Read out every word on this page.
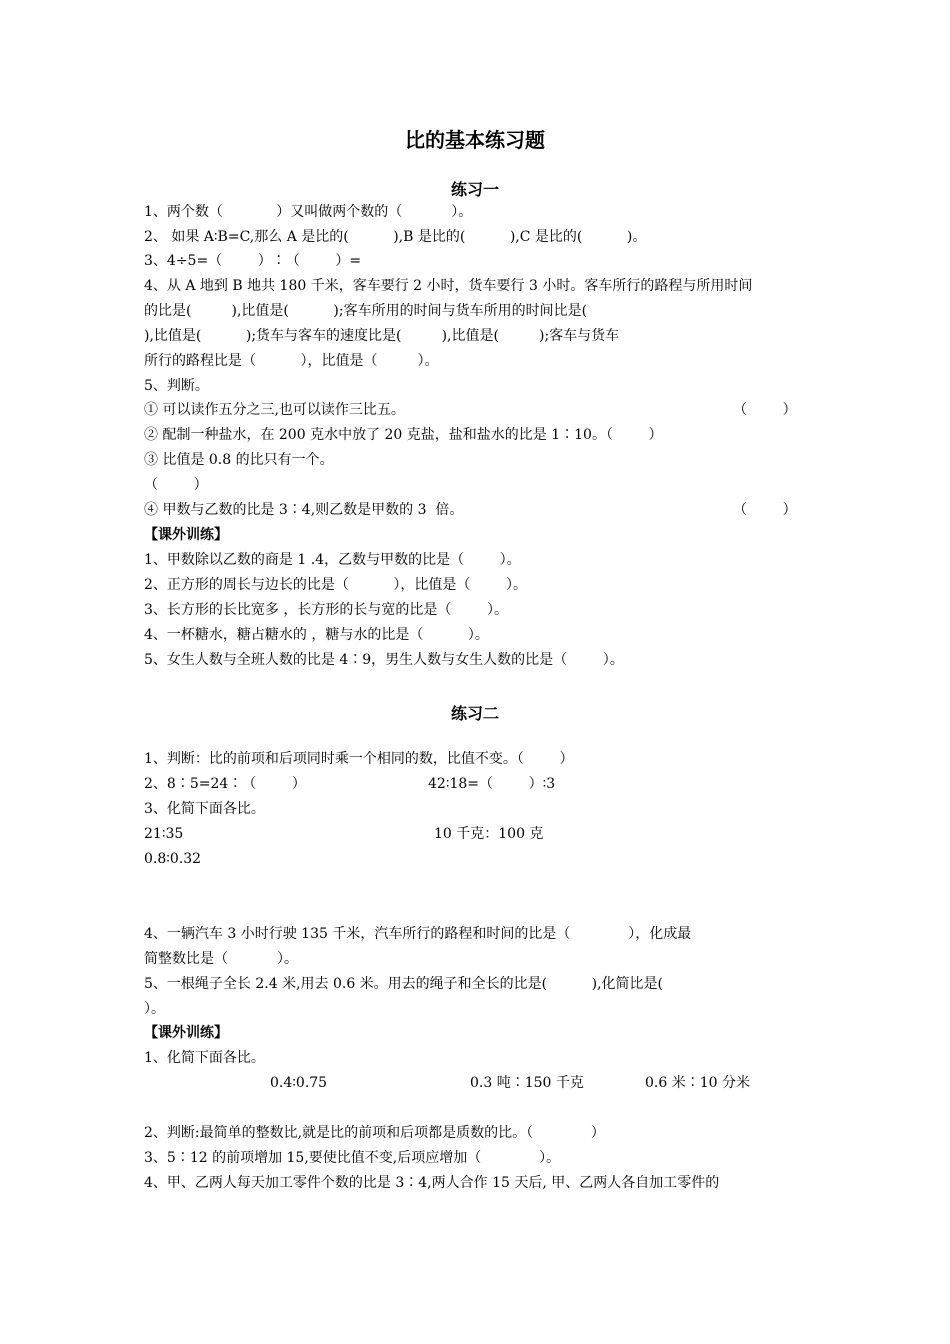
比的基本练习题
练习一
1、两个数（            ）又叫做两个数的（           ）。
2、 如果 A∶B=C,那么 A 是比的(          ),B 是比的(          ),C 是比的(          )。
3、4÷5=（        ）∶（        ）=
4、从 A 地到 B 地共 180 千米，客车要行 2 小时，货车要行 3 小时。客车所行的路程与所用时间
的比是(         ),比值是(          );客车所用的时间与货车所用的时间比是(
),比值是(          );货车与客车的速度比是(         ),比值是(         );客车与货车
所行的路程比是（          ），比值是（         ）。
5、判断。
① 可以读作五分之三,也可以读作三比五。	（        ）
② 配制一种盐水，在 200 克水中放了 20 克盐，盐和盐水的比是 1∶10。（        ）
③ 比值是 0.8 的比只有一个。
（        ）
④ 甲数与乙数的比是 3∶4,则乙数是甲数的 3  倍。	（        ）
【课外训练】
1、甲数除以乙数的商是 1 .4，乙数与甲数的比是（        ）。
2、正方形的周长与边长的比是（          ），比值是（        ）。
3、长方形的长比宽多 ，长方形的长与宽的比是（        ）。
4、一杯糖水，糖占糖水的 ，糖与水的比是（          ）。
5、女生人数与全班人数的比是 4∶9，男生人数与女生人数的比是（        ）。
练习二
1、判断：比的前项和后项同时乘一个相同的数，比值不变。（        ）
2、8∶5=24∶（        ）	42∶18=（        ）∶3
3、化简下面各比。
21∶35	10 千克：100 克
0.8∶0.32
4、一辆汽车 3 小时行驶 135 千米，汽车所行的路程和时间的比是（             ），化成最
简整数比是（           ）。
5、一根绳子全长 2.4 米,用去 0.6 米。用去的绳子和全长的比是(          ),化简比是(
）。
【课外训练】
1、化简下面各比。
0.4∶0.75	0.3 吨∶150 千克	0.6 米∶10 分米
2、判断:最简单的整数比,就是比的前项和后项都是质数的比。（             ）
3、5∶12 的前项增加 15,要使比值不变,后项应增加（             ）。
4、甲、乙两人每天加工零件个数的比是 3∶4,两人合作 15 天后, 甲、乙两人各自加工零件的
